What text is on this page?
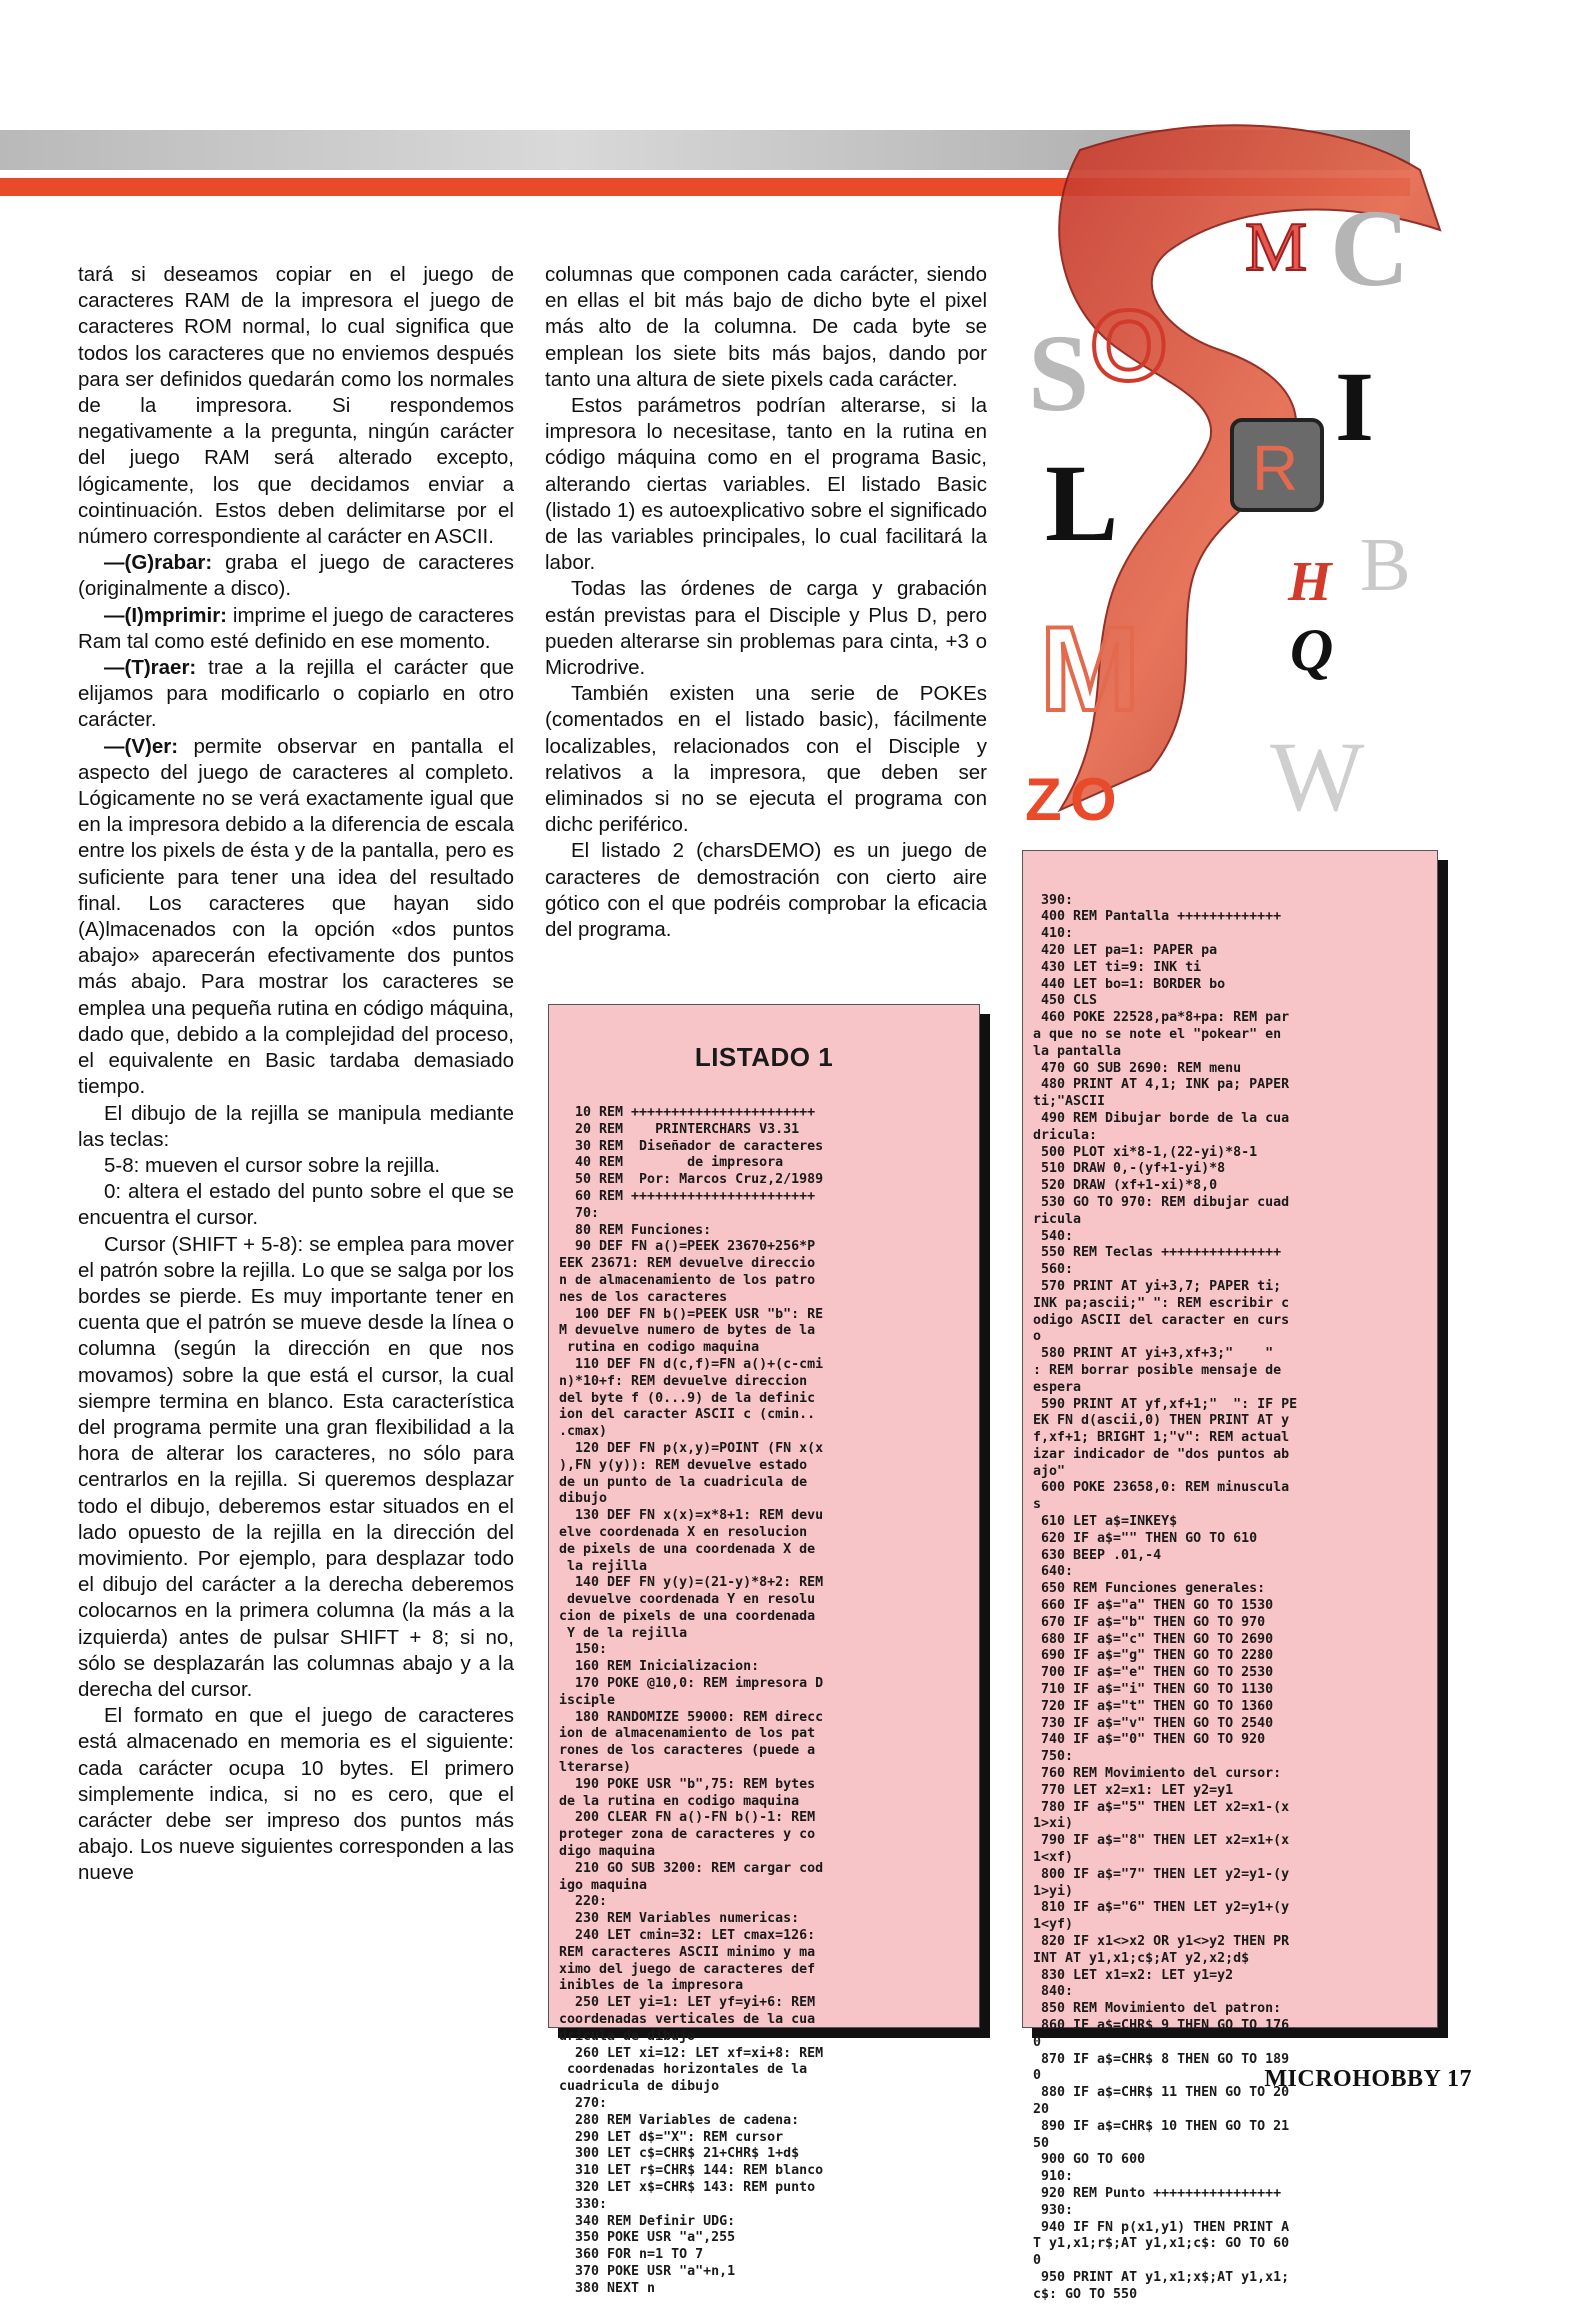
S O
M C
L R
I
B
H
Q
M
Z O W

tará si deseamos copiar en el juego de caracteres RAM de la impresora el juego de caracteres ROM normal, lo cual significa que todos los caracteres que no enviemos después para ser definidos quedarán como los normales de la impresora. Si respondemos negativamente a la pregunta, ningún carácter del juego RAM será alterado excepto, lógicamente, los que decidamos enviar a cointinuación. Estos deben delimitarse por el número correspondiente al carácter en ASCII.

—(G)rabar: graba el juego de caracteres (originalmente a disco).

—(I)mprimir: imprime el juego de caracteres Ram tal como esté definido en ese momento.

—(T)raer: trae a la rejilla el carácter que elijamos para modificarlo o copiarlo en otro carácter.

—(V)er: permite observar en pantalla el aspecto del juego de caracteres al completo. Lógicamente no se verá exactamente igual que en la impresora debido a la diferencia de escala entre los pixels de ésta y de la pantalla, pero es suficiente para tener una idea del resultado final. Los caracteres que hayan sido (A)lmacenados con la opción «dos puntos abajo» aparecerán efectivamente dos puntos más abajo. Para mostrar los caracteres se emplea una pequeña rutina en código máquina, dado que, debido a la complejidad del proceso, el equivalente en Basic tardaba demasiado tiempo.

El dibujo de la rejilla se manipula mediante las teclas:

5-8: mueven el cursor sobre la rejilla.

0: altera el estado del punto sobre el que se encuentra el cursor.

Cursor (SHIFT + 5-8): se emplea para mover el patrón sobre la rejilla. Lo que se salga por los bordes se pierde. Es muy importante tener en cuenta que el patrón se mueve desde la línea o columna (según la dirección en que nos movamos) sobre la que está el cursor, la cual siempre termina en blanco. Esta característica del programa permite una gran flexibilidad a la hora de alterar los caracteres, no sólo para centrarlos en la rejilla. Si queremos desplazar todo el dibujo, deberemos estar situados en el lado opuesto de la rejilla en la dirección del movimiento. Por ejemplo, para desplazar todo el dibujo del carácter a la derecha deberemos colocarnos en la primera columna (la más a la izquierda) antes de pulsar SHIFT + 8; si no, sólo se desplazarán las columnas abajo y a la derecha del cursor.

El formato en que el juego de caracteres está almacenado en memoria es el siguiente: cada carácter ocupa 10 bytes. El primero simplemente indica, si no es cero, que el carácter debe ser impreso dos puntos más abajo. Los nueve siguientes corresponden a las nueve

columnas que componen cada carácter, siendo en ellas el bit más bajo de dicho byte el pixel más alto de la columna. De cada byte se emplean los siete bits más bajos, dando por tanto una altura de siete pixels cada carácter.

Estos parámetros podrían alterarse, si la impresora lo necesitase, tanto en la rutina en código máquina como en el programa Basic, alterando ciertas variables. El listado Basic (listado 1) es autoexplicativo sobre el significado de las variables principales, lo cual facilitará la labor.

Todas las órdenes de carga y grabación están previstas para el Disciple y Plus D, pero pueden alterarse sin problemas para cinta, +3 o Microdrive.

También existen una serie de POKEs (comentados en el listado basic), fácilmente localizables, relacionados con el Disciple y relativos a la impresora, que deben ser eliminados si no se ejecuta el programa con dichc periférico.

El listado 2 (charsDEMO) es un juego de caracteres de demostración con cierto aire gótico con el que podréis comprobar la eficacia del programa.

LISTADO 1

10 REM +++++++++++++++++++++++
20 REM    PRINTERCHARS V3.31
30 REM  Diseñador de caracteres
40 REM        de impresora
50 REM  Por: Marcos Cruz,2/1989
60 REM +++++++++++++++++++++++
70:
80 REM Funciones:
90 DEF FN a()=PEEK 23670+256*P
EEK 23671: REM devuelve direccio
n de almacenamiento de los patro
nes de los caracteres
100 DEF FN b()=PEEK USR "b": RE
M devuelve numero de bytes de la
rutina en codigo maquina
110 DEF FN d(c,f)=FN a()+(c-cmi
n)*10+f: REM devuelve direccion
del byte f (0...9) de la definic
ion del caracter ASCII c (cmin..
.cmax)
120 DEF FN p(x,y)=POINT (FN x(x
),FN y(y)): REM devuelve estado
de un punto de la cuadricula de
dibujo
130 DEF FN x(x)=x*8+1: REM devu
elve coordenada X en resolucion
de pixels de una coordenada X de
la rejilla
140 DEF FN y(y)=(21-y)*8+2: REM
devuelve coordenada Y en resolu
cion de pixels de una coordenada
Y de la rejilla
150:
160 REM Inicializacion:
170 POKE @10,0: REM impresora D
isciple
180 RANDOMIZE 59000: REM direcc
ion de almacenamiento de los pat
rones de los caracteres (puede a
lterarse)
190 POKE USR "b",75: REM bytes
de la rutina en codigo maquina
200 CLEAR FN a()-FN b()-1: REM
proteger zona de caracteres y co
digo maquina
210 GO SUB 3200: REM cargar cod
igo maquina
220:
230 REM Variables numericas:
240 LET cmin=32: LET cmax=126:
REM caracteres ASCII minimo y ma
ximo del juego de caracteres def
inibles de la impresora
250 LET yi=1: LET yf=yi+6: REM
coordenadas verticales de la cua
dricula de dibujo
260 LET xi=12: LET xf=xi+8: REM
coordenadas horizontales de la
cuadricula de dibujo
270:
280 REM Variables de cadena:
290 LET d$="X": REM cursor
300 LET c$=CHR$ 21+CHR$ 1+d$
310 LET r$=CHR$ 144: REM blanco
320 LET x$=CHR$ 143: REM punto
330:
340 REM Definir UDG:
350 POKE USR "a",255
360 FOR n=1 TO 7
370 POKE USR "a"+n,1
380 NEXT n

390:
400 REM Pantalla +++++++++++++
410:
420 LET pa=1: PAPER pa
430 LET ti=9: INK ti
440 LET bo=1: BORDER bo
450 CLS
460 POKE 22528,pa*8+pa: REM par
a que no se note el "pokear" en
la pantalla
470 GO SUB 2690: REM menu
480 PRINT AT 4,1; INK pa; PAPER
ti;"ASCII
490 REM Dibujar borde de la cua
dricula:
500 PLOT xi*8-1,(22-yi)*8-1
510 DRAW 0,-(yf+1-yi)*8
520 DRAW (xf+1-xi)*8,0
530 GO TO 970: REM dibujar cuad
ricula
540:
550 REM Teclas +++++++++++++++
560:
570 PRINT AT yi+3,7; PAPER ti;
INK pa;ascii;" ": REM escribir c
odigo ASCII del caracter en curs
o
580 PRINT AT yi+3,xf+3;"    "
: REM borrar posible mensaje de
espera
590 PRINT AT yf,xf+1;"  ": IF PE
EK FN d(ascii,0) THEN PRINT AT y
f,xf+1; BRIGHT 1;"v": REM actual
izar indicador de "dos puntos ab
ajo"
600 POKE 23658,0: REM minuscula
s
610 LET a$=INKEY$
620 IF a$="" THEN GO TO 610
630 BEEP .01,-4
640:
650 REM Funciones generales:
660 IF a$="a" THEN GO TO 1530
670 IF a$="b" THEN GO TO 970
680 IF a$="c" THEN GO TO 2690
690 IF a$="g" THEN GO TO 2280
700 IF a$="e" THEN GO TO 2530
710 IF a$="i" THEN GO TO 1130
720 IF a$="t" THEN GO TO 1360
730 IF a$="v" THEN GO TO 2540
740 IF a$="0" THEN GO TO 920
750:
760 REM Movimiento del cursor:
770 LET x2=x1: LET y2=y1
780 IF a$="5" THEN LET x2=x1-(x
1>xi)
790 IF a$="8" THEN LET x2=x1+(x
1<xf)
800 IF a$="7" THEN LET y2=y1-(y
1>yi)
810 IF a$="6" THEN LET y2=y1+(y
1<yf)
820 IF x1<>x2 OR y1<>y2 THEN PR
INT AT y1,x1;c$;AT y2,x2;d$
830 LET x1=x2: LET y1=y2
840:
850 REM Movimiento del patron:
860 IF a$=CHR$ 9 THEN GO TO 176
0
870 IF a$=CHR$ 8 THEN GO TO 189
0
880 IF a$=CHR$ 11 THEN GO TO 20
20
890 IF a$=CHR$ 10 THEN GO TO 21
50
900 GO TO 600
910:
920 REM Punto ++++++++++++++++
930:
940 IF FN p(x1,y1) THEN PRINT A
T y1,x1;r$;AT y1,x1;c$: GO TO 60
0
950 PRINT AT y1,x1;x$;AT y1,x1;
c$: GO TO 550

MICROHOBBY 17
